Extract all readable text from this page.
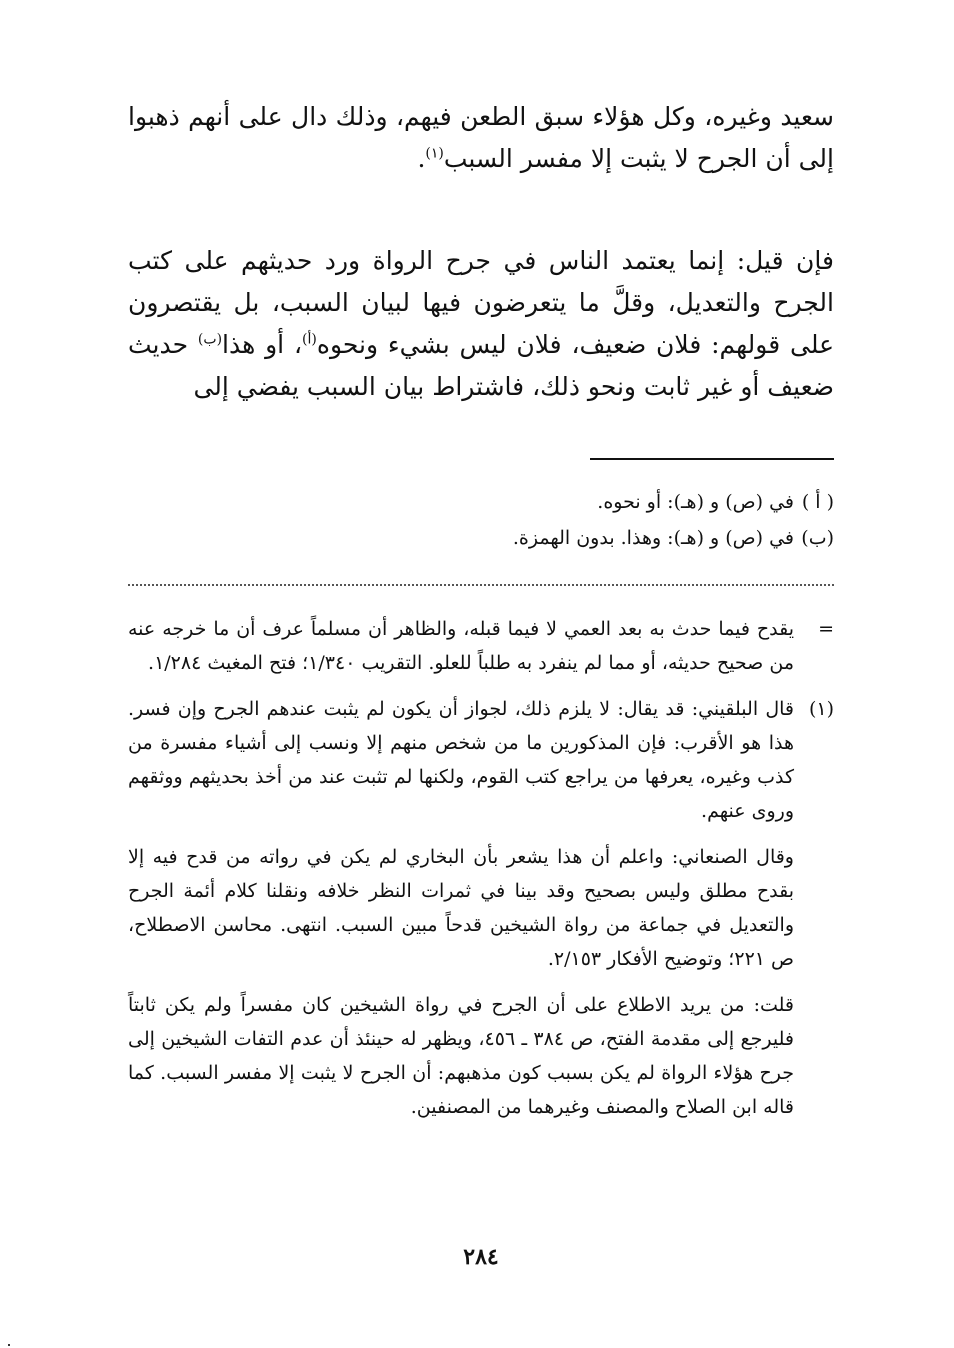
سعيد وغيره، وكل هؤلاء سبق الطعن فيهم، وذلك دال على أنهم ذهبوا إلى أن الجرح لا يثبت إلا مفسر السبب$^{(١)}$.

فإن قيل: إنما يعتمد الناس في جرح الرواة ورد حديثهم على كتب الجرح والتعديل، وقلَّ ما يتعرضون فيها لبيان السبب، بل يقتصرون على قولهم: فلان ضعيف، فلان ليس بشيء ونحوه$^{(أ)}$، أو هذا$^{(ب)}$ حديث ضعيف أو غير ثابت ونحو ذلك، فاشتراط بيان السبب يفضي إلى

( أ )
في (ص) و (هـ): أو نحوه.
(ب)
في (ص) و (هـ): وهذا. بدون الهمزة.
=
يقدح فيما حدث به بعد العمي لا فيما قبله، والظاهر أن مسلماً عرف أن ما خرجه عنه من صحيح حديثه، أو مما لم ينفرد به طلباً للعلو. التقريب ١/٣٤٠؛ فتح المغيث ١/٢٨٤.
(١)
قال البلقيني: قد يقال: لا يلزم ذلك، لجواز أن يكون لم يثبت عندهم الجرح وإن فسر. هذا هو الأقرب: فإن المذكورين ما من شخص منهم إلا ونسب إلى أشياء مفسرة من كذب وغيره، يعرفها من يراجع كتب القوم، ولكنها لم تثبت عند من أخذ بحديثهم ووثقهم وروى عنهم.

وقال الصنعاني: واعلم أن هذا يشعر بأن البخاري لم يكن في رواته من قدح فيه إلا بقدح مطلق وليس بصحيح وقد بينا في ثمرات النظر خلافه ونقلنا كلام أئمة الجرح والتعديل في جماعة من رواة الشيخين قدحاً مبين السبب. انتهى. محاسن الاصطلاح، ص ٢٢١؛ وتوضيح الأفكار ٢/١٥٣.

قلت: من يريد الاطلاع على أن الجرح في رواة الشيخين كان مفسراً ولم يكن ثابتاً فليرجع إلى مقدمة الفتح، ص ٣٨٤ ـ ٤٥٦، ويظهر له حينئذ أن عدم التفات الشيخين إلى جرح هؤلاء الرواة لم يكن بسبب كون مذهبهم: أن الجرح لا يثبت إلا مفسر السبب. كما قاله ابن الصلاح والمصنف وغيرهما من المصنفين.

٢٨٤
